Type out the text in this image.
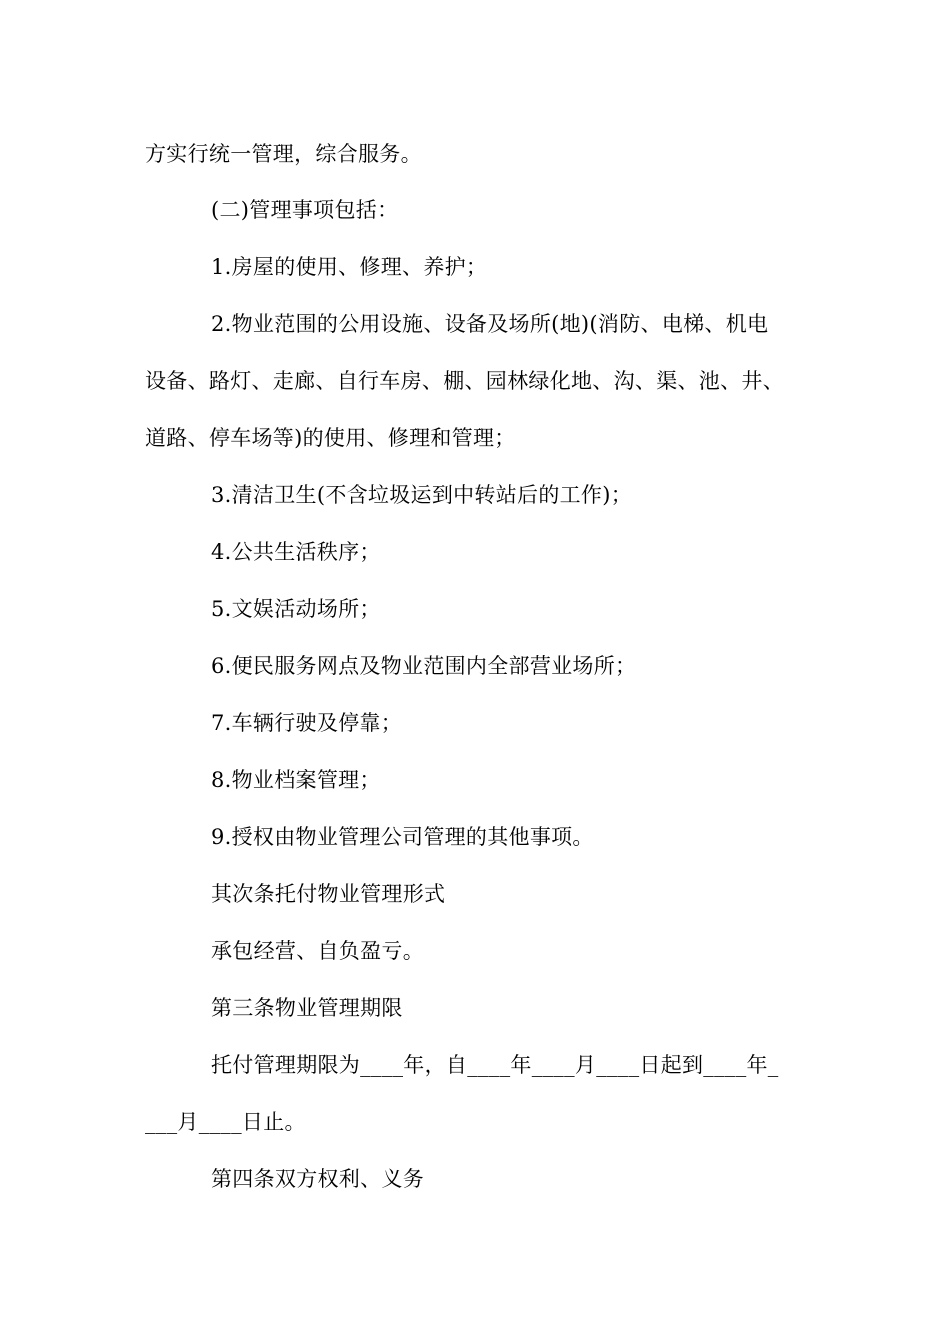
方实行统一管理，综合服务。
(二)管理事项包括：
1.房屋的使用、修理、养护；
2.物业范围的公用设施、设备及场所(地)(消防、电梯、机电
设备、路灯、走廊、自行车房、棚、园林绿化地、沟、渠、池、井、
道路、停车场等)的使用、修理和管理；
3.清洁卫生(不含垃圾运到中转站后的工作)；
4.公共生活秩序；
5.文娱活动场所；
6.便民服务网点及物业范围内全部营业场所；
7.车辆行驶及停靠；
8.物业档案管理；
9.授权由物业管理公司管理的其他事项。
其次条托付物业管理形式
承包经营、自负盈亏。
第三条物业管理期限
托付管理期限为____年，自____年____月____日起到____年_
___月____日止。
第四条双方权利、义务
